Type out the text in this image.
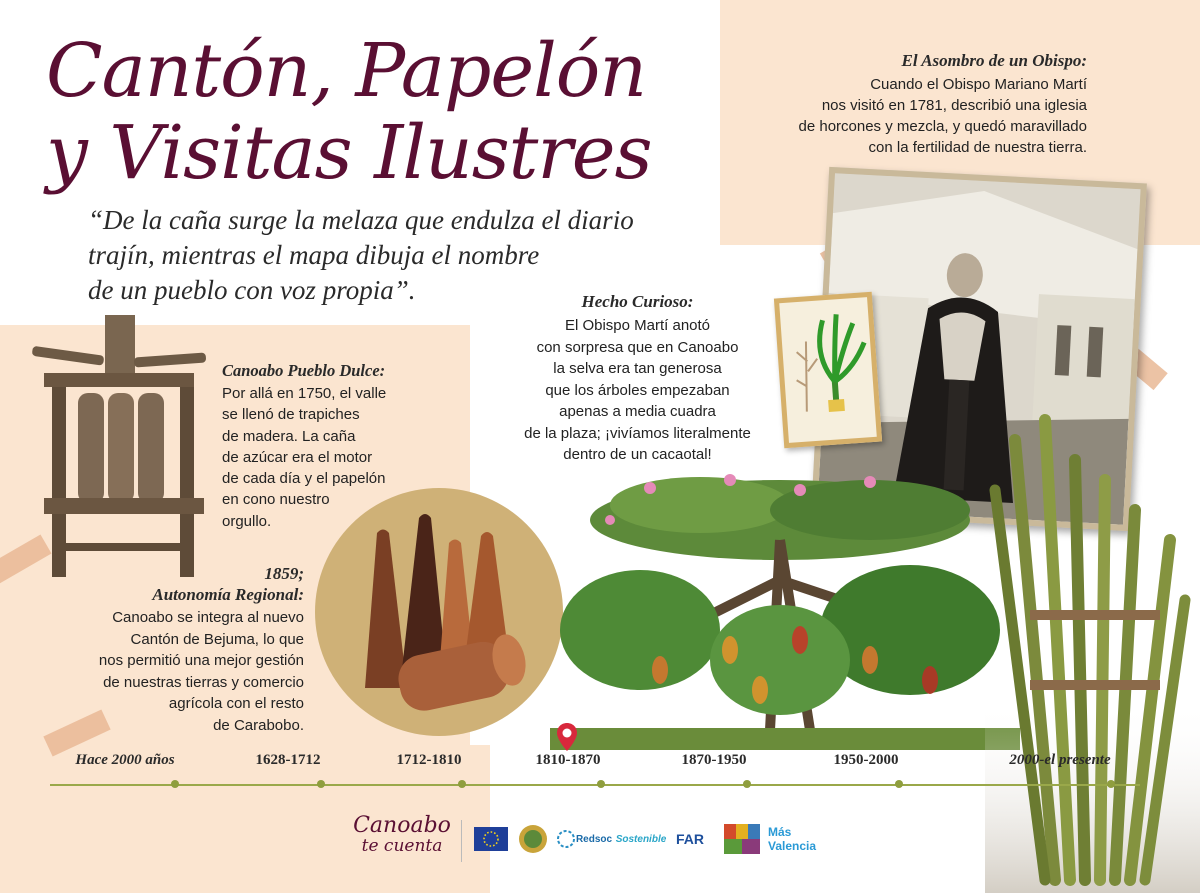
Cantón, Papelón
y Visitas Ilustres
“De la caña surge la melaza que endulza el diario
trajín, mientras el mapa dibuja el nombre
de un pueblo con voz propia”.
El Asombro de un Obispo:
Cuando el Obispo Mariano Martí
nos visitó en 1781, describió una iglesia
de horcones y mezcla, y quedó maravillado
con la fertilidad de nuestra tierra.
Hecho Curioso:
El Obispo Martí anotó
con sorpresa que en Canoabo
la selva era tan generosa
que los árboles empezaban
apenas a media cuadra
de la plaza; ¡vivíamos literalmente
dentro de un cacaotal!
Canoabo Pueblo Dulce:
Por allá en 1750, el valle
se llenó de trapiches
de madera. La caña
de azúcar era el motor
de cada día y el papelón
en cono nuestro
orgullo.
1859;
Autonomía Regional:
Canoabo se integra al nuevo
Cantón de Bejuma, lo que
nos permitió una mejor gestión
de nuestras tierras y comercio
agrícola con el resto
de Carabobo.
Hace 2000 años	1628-1712	1712-1810	1810-1870	1870-1950	1950-2000	2000-el presente
Canoabo
te cuenta	Redsoc Sostenible FAR	Más Valencia
